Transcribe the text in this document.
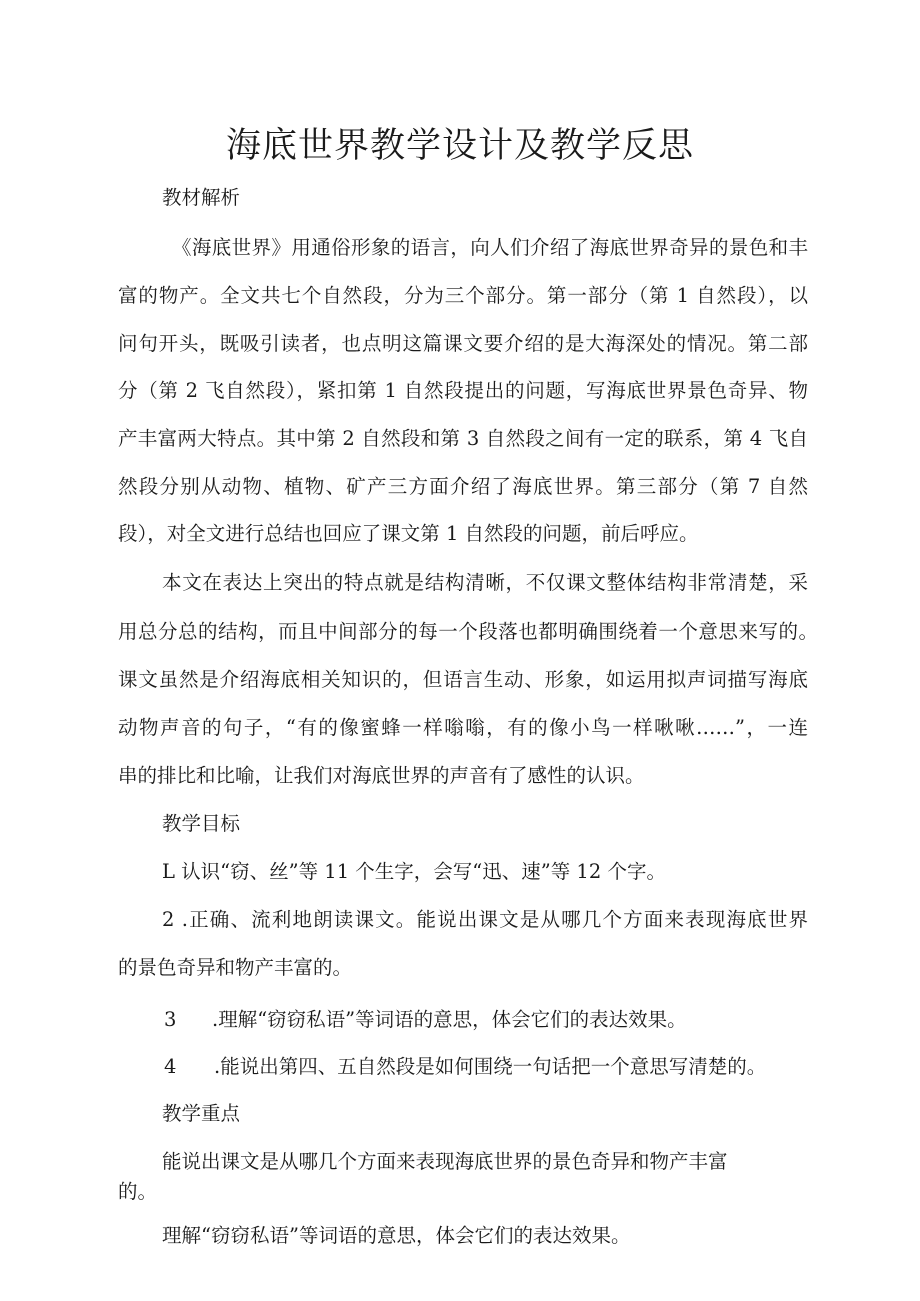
海底世界教学设计及教学反思
教材解析
《海底世界》用通俗形象的语言，向人们介绍了海底世界奇异的景色和丰
富的物产。全文共七个自然段，分为三个部分。第一部分（第 1 自然段），以
问句开头，既吸引读者，也点明这篇课文要介绍的是大海深处的情况。第二部
分（第 2 飞自然段），紧扣第 1 自然段提出的问题，写海底世界景色奇异、物
产丰富两大特点。其中第 2 自然段和第 3 自然段之间有一定的联系，第 4 飞自
然段分别从动物、植物、矿产三方面介绍了海底世界。第三部分（第 7 自然
段），对全文进行总结也回应了课文第 1 自然段的问题，前后呼应。
本文在表达上突出的特点就是结构清晰，不仅课文整体结构非常清楚，采
用总分总的结构，而且中间部分的每一个段落也都明确围绕着一个意思来写的。
课文虽然是介绍海底相关知识的，但语言生动、形象，如运用拟声词描写海底
动物声音的句子，“有的像蜜蜂一样嗡嗡，有的像小鸟一样啾啾……”，一连
串的排比和比喻，让我们对海底世界的声音有了感性的认识。
教学目标
L 认识“窃、丝”等 11 个生字，会写“迅、速”等 12 个字。
2 .正确、流利地朗读课文。能说出课文是从哪几个方面来表现海底世界
的景色奇异和物产丰富的。
3 .理解“窃窃私语”等词语的意思，体会它们的表达效果。
4 .能说出第四、五自然段是如何围绕一句话把一个意思写清楚的。
教学重点
能说出课文是从哪几个方面来表现海底世界的景色奇异和物产丰富
的。
理解“窃窃私语”等词语的意思，体会它们的表达效果。
